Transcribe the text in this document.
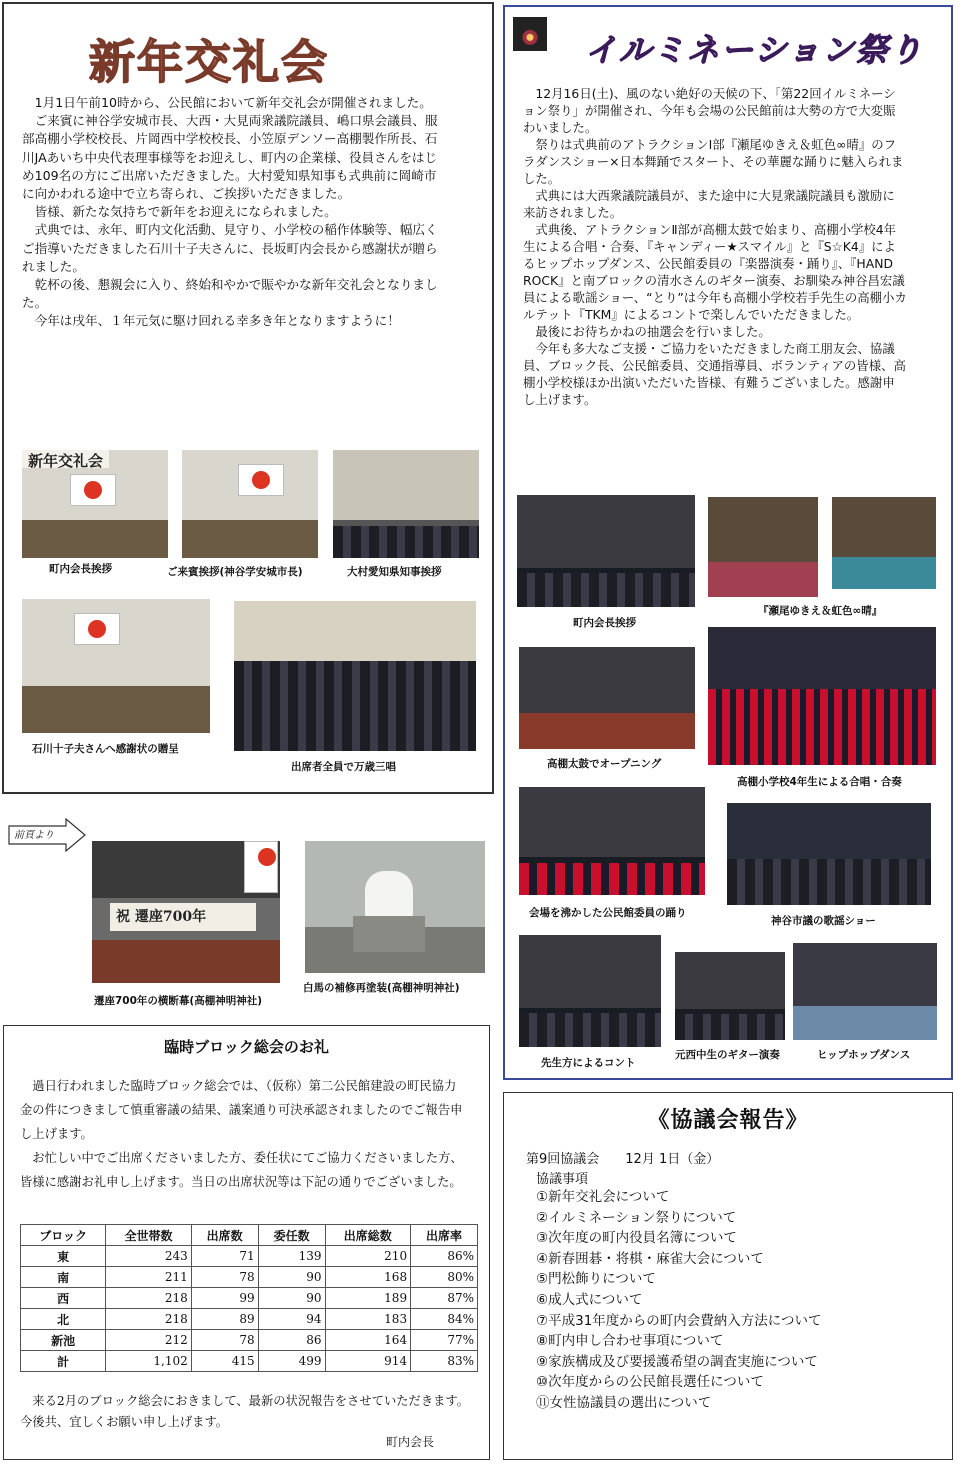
新年交礼会
　1月1日午前10時から、公民館において新年交礼会が開催されました。
　ご来賓に神谷学安城市長、大西・大見両衆議院議員、嶋口県会議員、服部高棚小学校校長、片岡西中学校校長、小笠原デンソー高棚製作所長、石川JAあいち中央代表理事様等をお迎えし、町内の企業様、役員さんをはじめ109名の方にご出席いただきました。大村愛知県知事も式典前に岡崎市に向かわれる途中で立ち寄られ、ご挨拶いただきました。
　皆様、新たな気持ちで新年をお迎えになられました。
　式典では、永年、町内文化活動、見守り、小学校の稲作体験等、幅広くご指導いただきました石川十子夫さんに、長坂町内会長から感謝状が贈られました。
　乾杯の後、懇親会に入り、終始和やかで賑やかな新年交礼会となりました。
　今年は戌年、１年元気に駆け回れる幸多き年となりますように！
新年交礼会
町内会長挨拶	ご来賓挨拶(神谷学安城市長)	大村愛知県知事挨拶
石川十子夫さんへ感謝状の贈呈
出席者全員で万歳三唱
イルミネーション祭り
　12月16日(土)、風のない絶好の天候の下、「第22回イルミネーション祭り」が開催され、今年も会場の公民館前は大勢の方で大変賑わいました。
　祭りは式典前のアトラクションⅠ部『瀬尾ゆきえ＆虹色∞晴』のフラダンスショー×日本舞踊でスタート、その華麗な踊りに魅入られました。
　式典には大西衆議院議員が、また途中に大見衆議院議員も激励に来訪されました。
　式典後、アトラクションⅡ部が高棚太鼓で始まり、高棚小学校4年生による合唱・合奏、『キャンディー★スマイル』と『S☆K4』によるヒップホップダンス、公民館委員の『楽器演奏・踊り』、『HAND ROCK』と南ブロックの清水さんのギター演奏、お馴染み神谷昌宏議員による歌謡ショー、“とり”は今年も高棚小学校若手先生の高棚小カルテット『TKM』によるコントで楽しんでいただきました。
　最後にお待ちかねの抽選会を行いました。
　今年も多大なご支援・ご協力をいただきました商工朋友会、協議員、ブロック長、公民館委員、交通指導員、ボランティアの皆様、高棚小学校様ほか出演いただいた皆様、有難うございました。感謝申し上げます。
町内会長挨拶
『瀬尾ゆきえ＆虹色∞晴』
高棚太鼓でオープニング
高棚小学校4年生による合唱・合奏
会場を沸かした公民館委員の踊り
神谷市議の歌謡ショー
先生方によるコント
元西中生のギター演奏	ヒップホップダンス
前頁より
祝 遷座700年
遷座700年の横断幕(高棚神明神社)
白馬の補修再塗装(高棚神明神社)
臨時ブロック総会のお礼
　過日行われました臨時ブロック総会では、（仮称）第二公民館建設の町民協力金の件につきまして慎重審議の結果、議案通り可決承認されましたのでご報告申し上げます。
　お忙しい中でご出席くださいました方、委任状にてご協力くださいました方、皆様に感謝お礼申し上げます。当日の出席状況等は下記の通りでございました。
ブロック	全世帯数	出席数	委任数	出席総数	出席率
東	243	71	139	210	86%
南	211	78	90	168	80%
西	218	99	90	189	87%
北	218	89	94	183	84%
新池	212	78	86	164	77%
計	1,102	415	499	914	83%
　来る2月のブロック総会におきまして、最新の状況報告をさせていただきます。　今後共、宜しくお願い申し上げます。
町内会長
《協議会報告》
第9回協議会　　12月 1日（金）
協議事項
①新年交礼会について
②イルミネーション祭りについて
③次年度の町内役員名簿について
④新春囲碁・将棋・麻雀大会について
⑤門松飾りについて
⑥成人式について
⑦平成31年度からの町内会費納入方法について
⑧町内申し合わせ事項について
⑨家族構成及び要援護希望の調査実施について
⑩次年度からの公民館長選任について
⑪女性協議員の選出について
